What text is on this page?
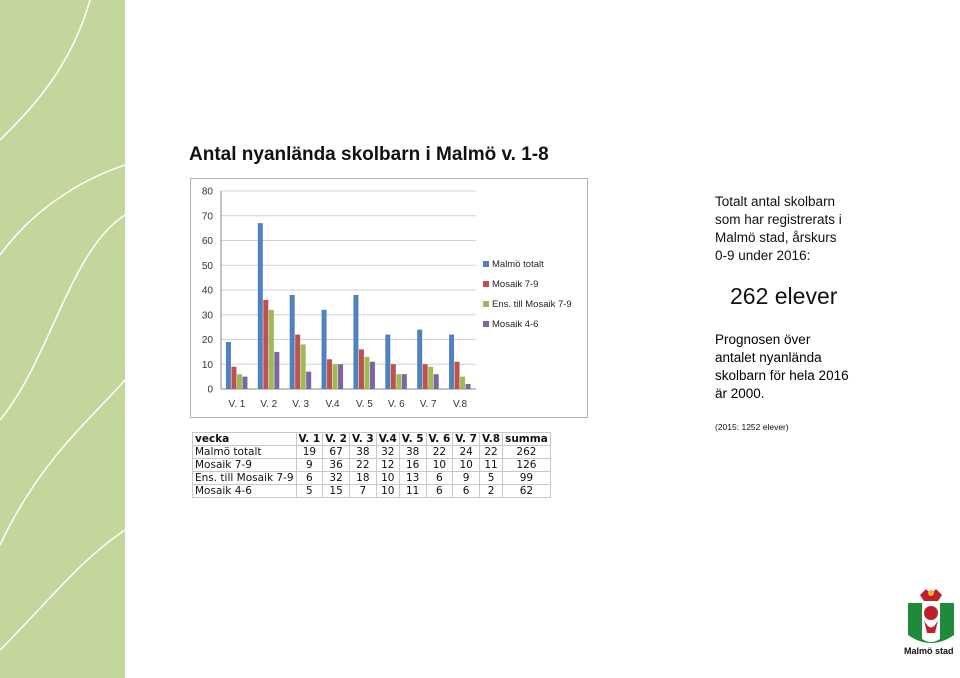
Antal nyanlända skolbarn i Malmö v. 1-8
0
10
20
30
40
50
60
70
80
V. 1 V. 2 V. 3 V.4 V. 5 V. 6 V. 7 V.8
Malmö totalt
Mosaik 7-9
Ens. till Mosaik 7-9
Mosaik 4-6
vecka	V. 1	V. 2	V. 3	V.4	V. 5	V. 6	V. 7	V.8	summa
Malmö totalt	19	67	38	32	38	22	24	22	262
Mosaik 7-9	9	36	22	12	16	10	10	11	126
Ens. till Mosaik 7-9	6	32	18	10	13	6	9	5	99
Mosaik 4-6	5	15	7	10	11	6	6	2	62
Totalt antal skolbarn
som har registrerats i
Malmö stad, årskurs
0-9 under 2016:
262 elever
Prognosen över
antalet nyanlända
skolbarn för hela 2016
är 2000.
(2015: 1252 elever)
Malmö stad
